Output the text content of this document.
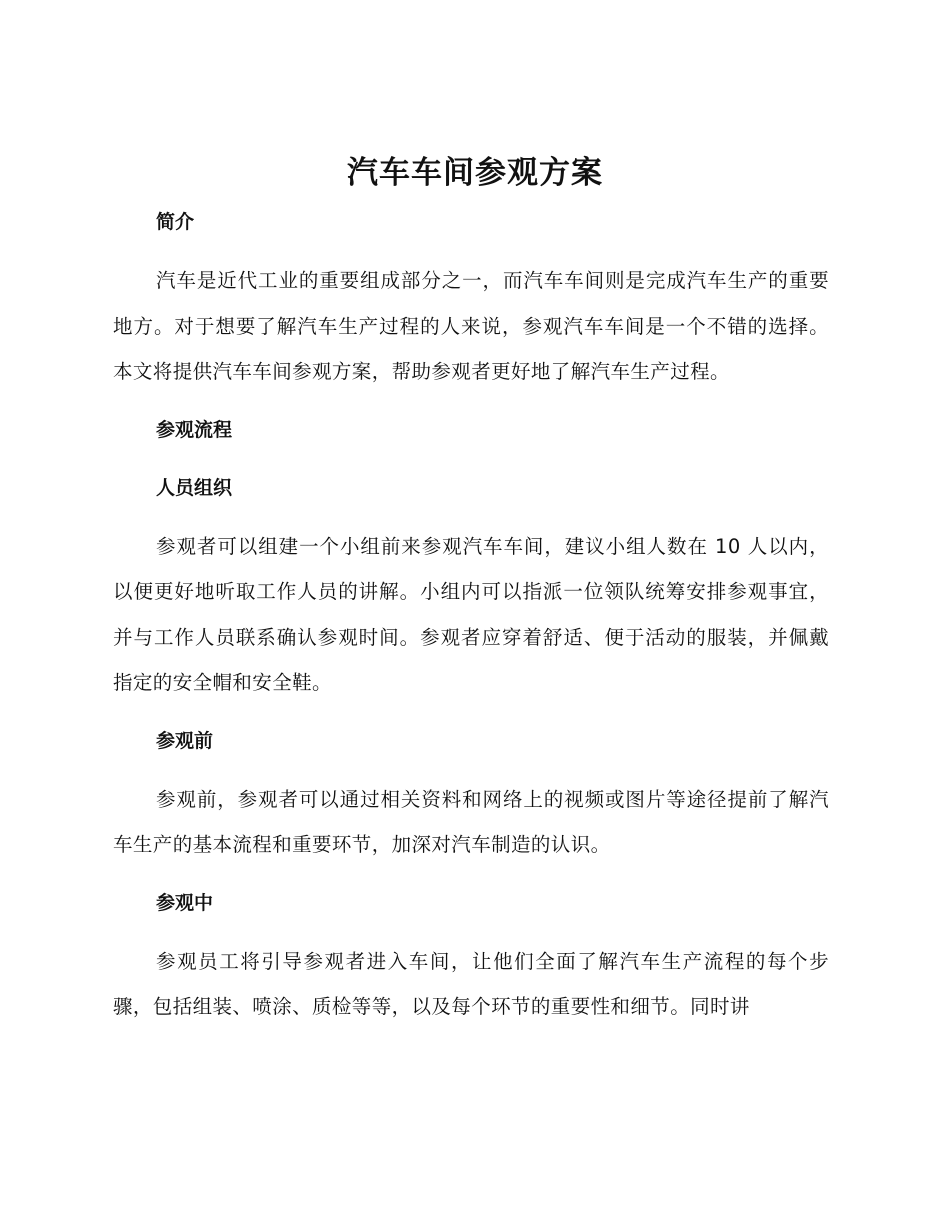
汽车车间参观方案
简介

汽车是近代工业的重要组成部分之一，而汽车车间则是完成汽车生产的重要地方。对于想要了解汽车生产过程的人来说，参观汽车车间是一个不错的选择。本文将提供汽车车间参观方案，帮助参观者更好地了解汽车生产过程。

参观流程
人员组织

参观者可以组建一个小组前来参观汽车车间，建议小组人数在 10 人以内，以便更好地听取工作人员的讲解。小组内可以指派一位领队统筹安排参观事宜，并与工作人员联系确认参观时间。参观者应穿着舒适、便于活动的服装，并佩戴指定的安全帽和安全鞋。

参观前

参观前，参观者可以通过相关资料和网络上的视频或图片等途径提前了解汽车生产的基本流程和重要环节，加深对汽车制造的认识。

参观中

参观员工将引导参观者进入车间，让他们全面了解汽车生产流程的每个步骤，包括组装、喷涂、质检等等，以及每个环节的重要性和细节。同时讲
